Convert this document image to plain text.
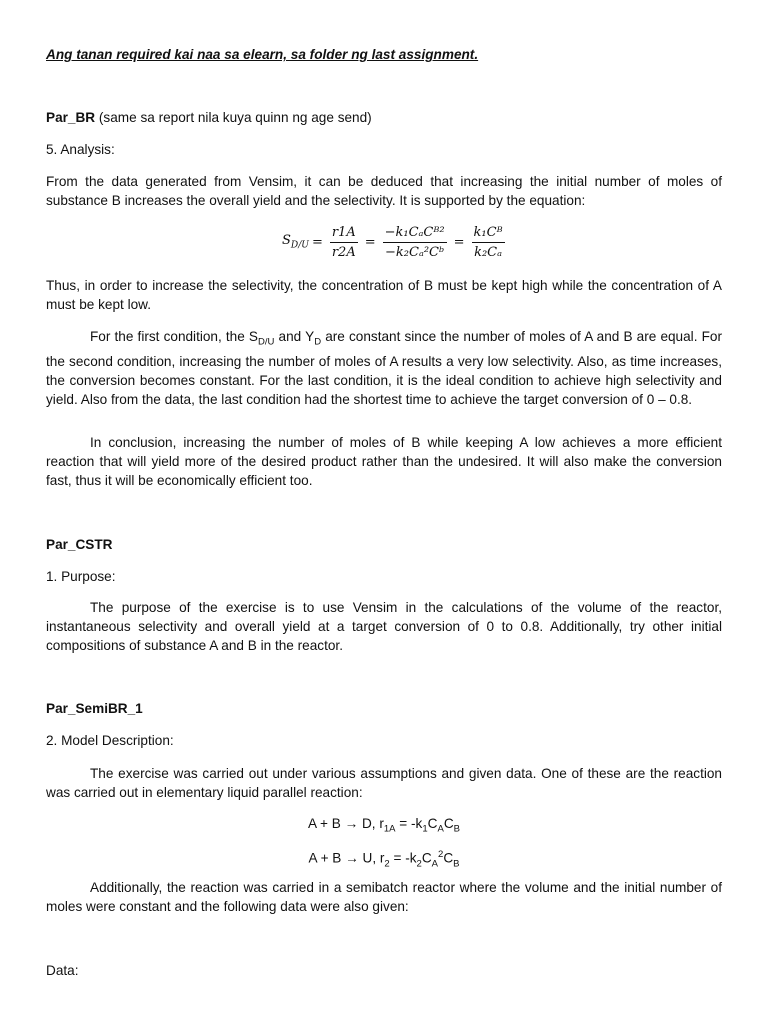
Ang tanan required kai naa sa elearn, sa folder ng last assignment.
Par_BR (same sa report nila kuya quinn ng age send)
5. Analysis:
From the data generated from Vensim, it can be deduced that increasing the initial number of moles of substance B increases the overall yield and the selectivity. It is supported by the equation:
$S_{D/U} = \frac{r1A}{r2A} = \frac{\text{−k₁CₐCᴮ²}}{\text{−k₂Cₐ²Cᵇ}} = \frac{\text{k₁Cᴮ}}{\text{k₂Cₐ}}$
Thus, in order to increase the selectivity, the concentration of B must be kept high while the concentration of A must be kept low.
For the first condition, the $S_{D/U}$ and $Y_D$ are constant since the number of moles of A and B are equal. For the second condition, increasing the number of moles of A results a very low selectivity. Also, as time increases, the conversion becomes constant. For the last condition, it is the ideal condition to achieve high selectivity and yield. Also from the data, the last condition had the shortest time to achieve the target conversion of 0 – 0.8.
In conclusion, increasing the number of moles of B while keeping A low achieves a more efficient reaction that will yield more of the desired product rather than the undesired. It will also make the conversion fast, thus it will be economically efficient too.
Par_CSTR
1. Purpose:
The purpose of the exercise is to use Vensim in the calculations of the volume of the reactor, instantaneous selectivity and overall yield at a target conversion of 0 to 0.8. Additionally, try other initial compositions of substance A and B in the reactor.
Par_SemiBR_1
2. Model Description:
The exercise was carried out under various assumptions and given data. One of these are the reaction was carried out in elementary liquid parallel reaction:
A + B → D, $r_{1A} = -k_1C_AC_B$
A + B → U, $r_2 = -k_2C_A^2C_B$
Additionally, the reaction was carried in a semibatch reactor where the volume and the initial number of moles were constant and the following data were also given:
Data:
